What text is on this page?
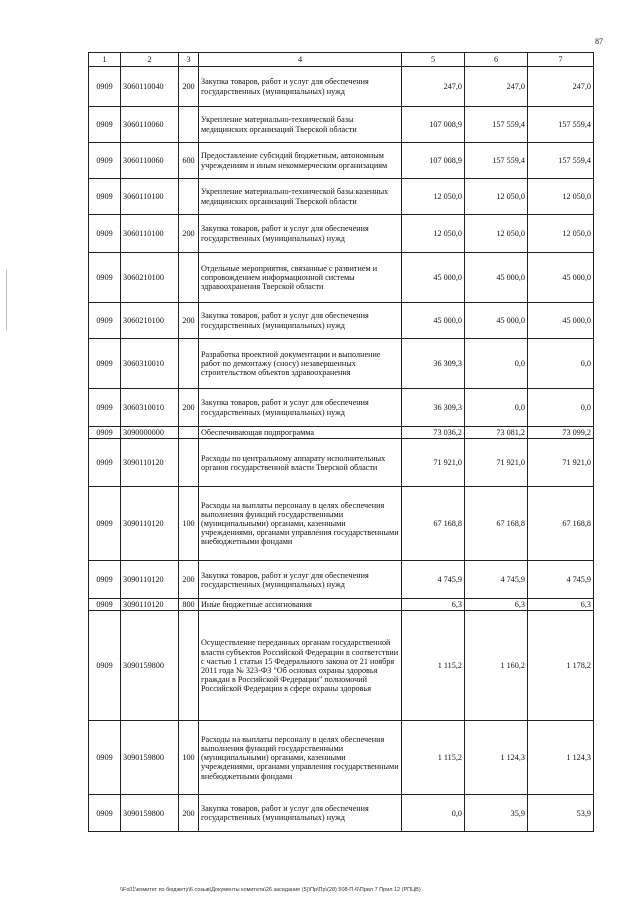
87
1	2	3	4	5	6	7
0909	3060110040	200	Закупка товаров, работ и услуг для обеспечения государственных (муниципальных) нужд	247,0	247,0	247,0
0909	3060110060		Укрепление материально-технической базы медицинских организаций Тверской области	107 008,9	157 559,4	157 559,4
0909	3060110060	600	Предоставление субсидий бюджетным, автономным учреждениям и иным некоммерческим организациям	107 008,9	157 559,4	157 559,4
0909	3060110100		Укрепление материально-технической базы казенных медицинских организаций Тверской области	12 050,0	12 050,0	12 050,0
0909	3060110100	200	Закупка товаров, работ и услуг для обеспечения государственных (муниципальных) нужд	12 050,0	12 050,0	12 050,0
0909	3060210100		Отдельные мероприятия, связанные с развитием и сопровождением информационной системы здравоохранения Тверской области	45 000,0	45 000,0	45 000,0
0909	3060210100	200	Закупка товаров, работ и услуг для обеспечения государственных (муниципальных) нужд	45 000,0	45 000,0	45 000,0
0909	3060310010		Разработка проектной документации и выполнение работ по демонтажу (сносу) незавершенных строительством объектов здравоохранения	36 309,3	0,0	0,0
0909	3060310010	200	Закупка товаров, работ и услуг для обеспечения государственных (муниципальных) нужд	36 309,3	0,0	0,0
0909	3090000000		Обеспечивающая подпрограмма	73 036,2	73 081,2	73 099,2
0909	3090110120		Расходы по центральному аппарату исполнительных органов государственной власти Тверской области	71 921,0	71 921,0	71 921,0
0909	3090110120	100	Расходы на выплаты персоналу в целях обеспечения выполнения функций государственными (муниципальными) органами, казенными учреждениями, органами управления государственными внебюджетными фондами	67 168,8	67 168,8	67 168,8
0909	3090110120	200	Закупка товаров, работ и услуг для обеспечения государственных (муниципальных) нужд	4 745,9	4 745,9	4 745,9
0909	3090110120	800	Иные бюджетные ассигнования	6,3	6,3	6,3
0909	3090159800		Осуществление переданных органам государственной власти субъектов Российской Федерации в соответствии с частью 1 статьи 15 Федерального закона от 21 ноября 2011 года № 323-ФЗ "Об основах охраны здоровья граждан в Российской Федерации" полномочий Российской Федерации в сфере охраны здоровья	1 115,2	1 160,2	1 178,2
0909	3090159800	100	Расходы на выплаты персоналу в целях обеспечения выполнения функций государственными (муниципальными) органами, казенными учреждениями, органами управления государственными внебюджетными фондами	1 115,2	1 124,3	1 124,3
0909	3090159800	200	Закупка товаров, работ и услуг для обеспечения государственных (муниципальных) нужд	0,0	35,9	53,9
\\Fs01\комитет по бюджету\6 созыв\Документы комитета\26 заседание (5)\Пр\Пр\(28) 508-П-6\Прил 7 Прил 12 (РПЦВ)
